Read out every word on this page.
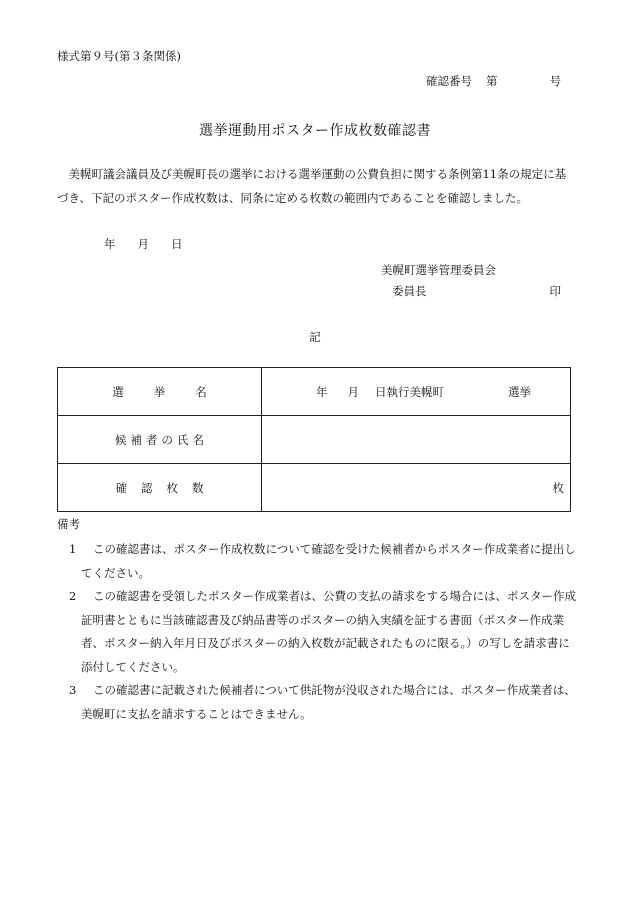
様式第９号(第３条関係)
確認番号 第	号
選挙運動用ポスター作成枚数確認書
美幌町議会議員及び美幌町長の選挙における選挙運動の公費負担に関する条例第11条の規定に基づき、下記のポスター作成枚数は、同条に定める枚数の範囲内であることを確認しました。
年 月 日
美幌町選挙管理委員会
委員長	印
記
選 挙 名	年 月 日執行美幌町 選挙
候 補 者 の 氏 名	
確 認 枚 数	枚
備考
1	この確認書は、ポスター作成枚数について確認を受けた候補者からポスター作成業者に提出してください。
2	この確認書を受領したポスター作成業者は、公費の支払の請求をする場合には、ポスター作成証明書とともに当該確認書及び納品書等のポスターの納入実績を証する書面（ポスター作成業者、ポスター納入年月日及びポスターの納入枚数が記載されたものに限る。）の写しを請求書に添付してください。
3	この確認書に記載された候補者について供託物が没収された場合には、ポスター作成業者は、美幌町に支払を請求することはできません。
